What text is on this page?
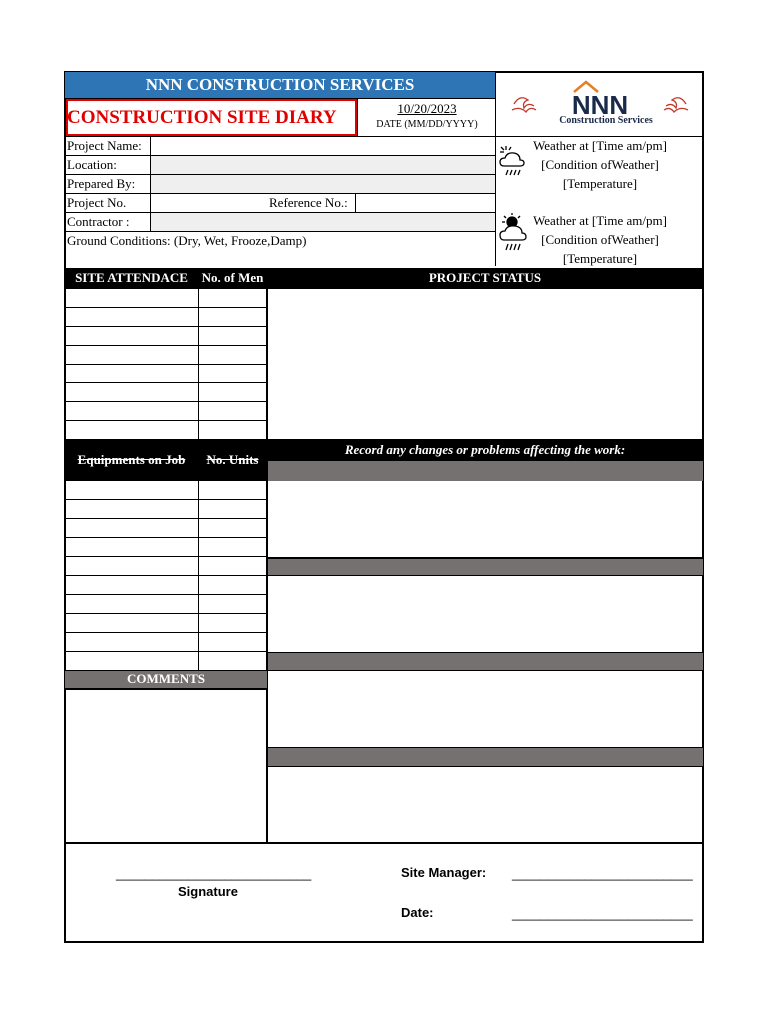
NNN CONSTRUCTION SERVICES
CONSTRUCTION SITE DIARY	10/20/2023
DATE (MM/DD/YYYY)
NNN
Construction Services
Project Name:
Location:
Prepared By:
Project No.	Reference No.:
Contractor :
Ground Conditions: (Dry, Wet, Frooze,Damp)
Weather at [Time am/pm]
[Condition ofWeather]
[Temperature]
Weather at [Time am/pm]
[Condition ofWeather]
[Temperature]
SITE ATTENDACE	No. of Men	PROJECT STATUS
Equipments on Job	No. Units
Record any changes or problems affecting the work:
COMMENTS
___________________________
Signature
Site Manager: _________________________
Date:	_________________________
